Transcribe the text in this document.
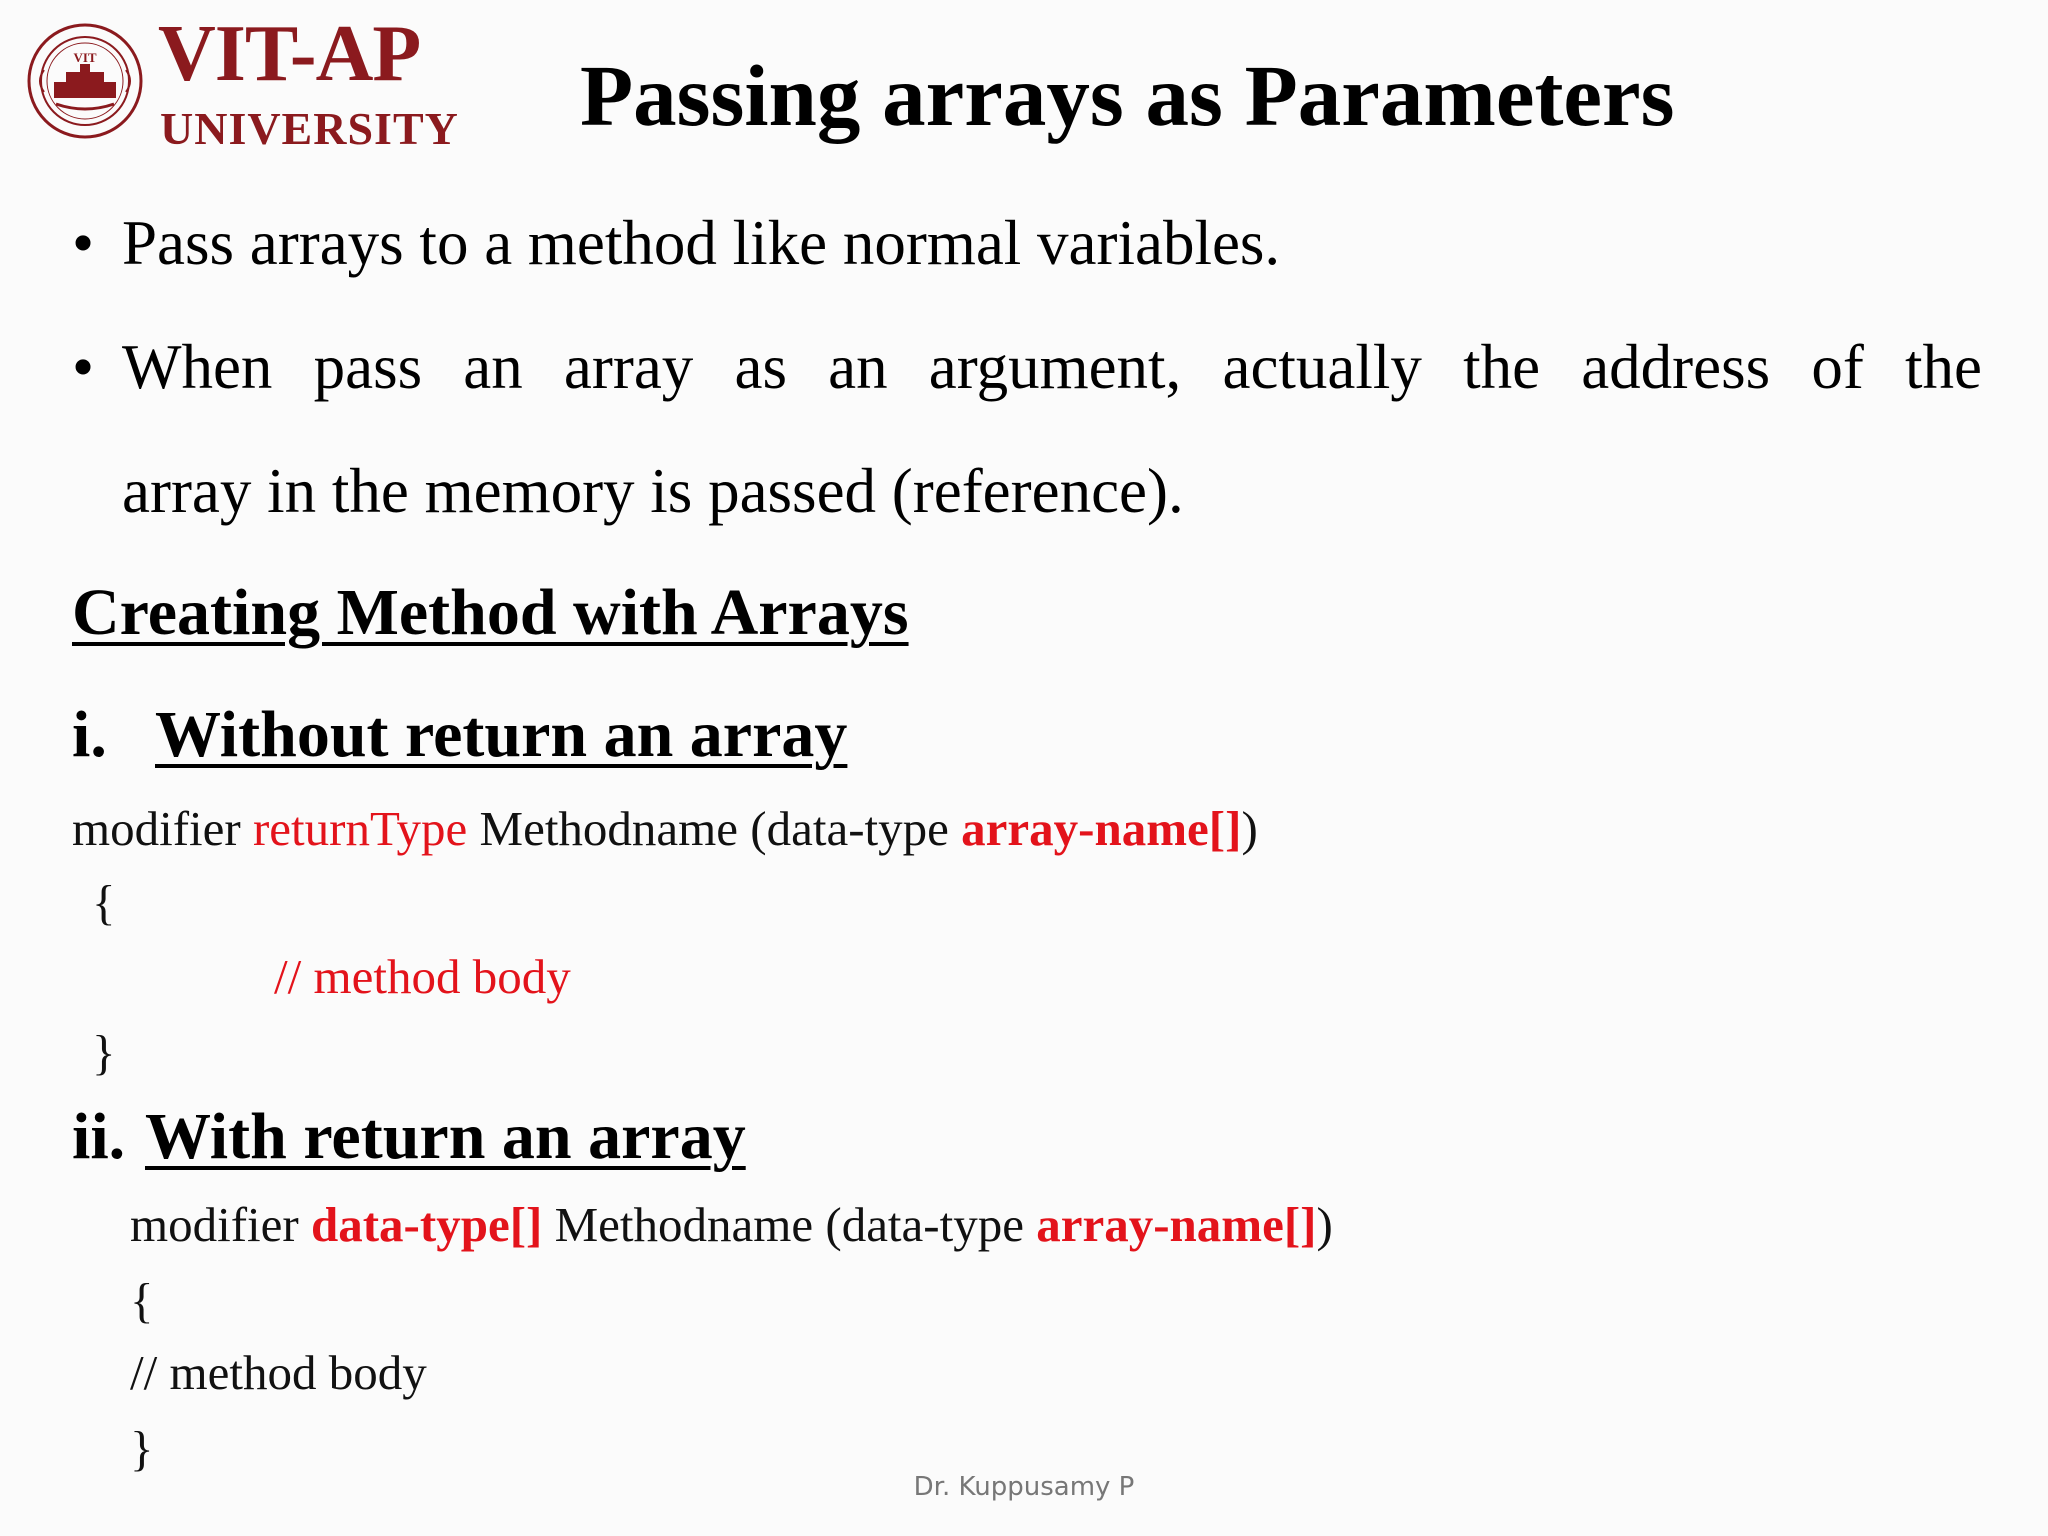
VIT VIT-AP
UNIVERSITY Passing arrays as Parameters
• Pass arrays to a method like normal variables.
• When pass an array as an argument, actually the address of the
array in the memory is passed (reference).
Creating Method with Arrays
i. Without return an array
modifier returnType Methodname (data-type array-name[])
{
// method body
}
ii. With return an array
modifier data-type[] Methodname (data-type array-name[])
{
// method body
}
Dr. Kuppusamy P
